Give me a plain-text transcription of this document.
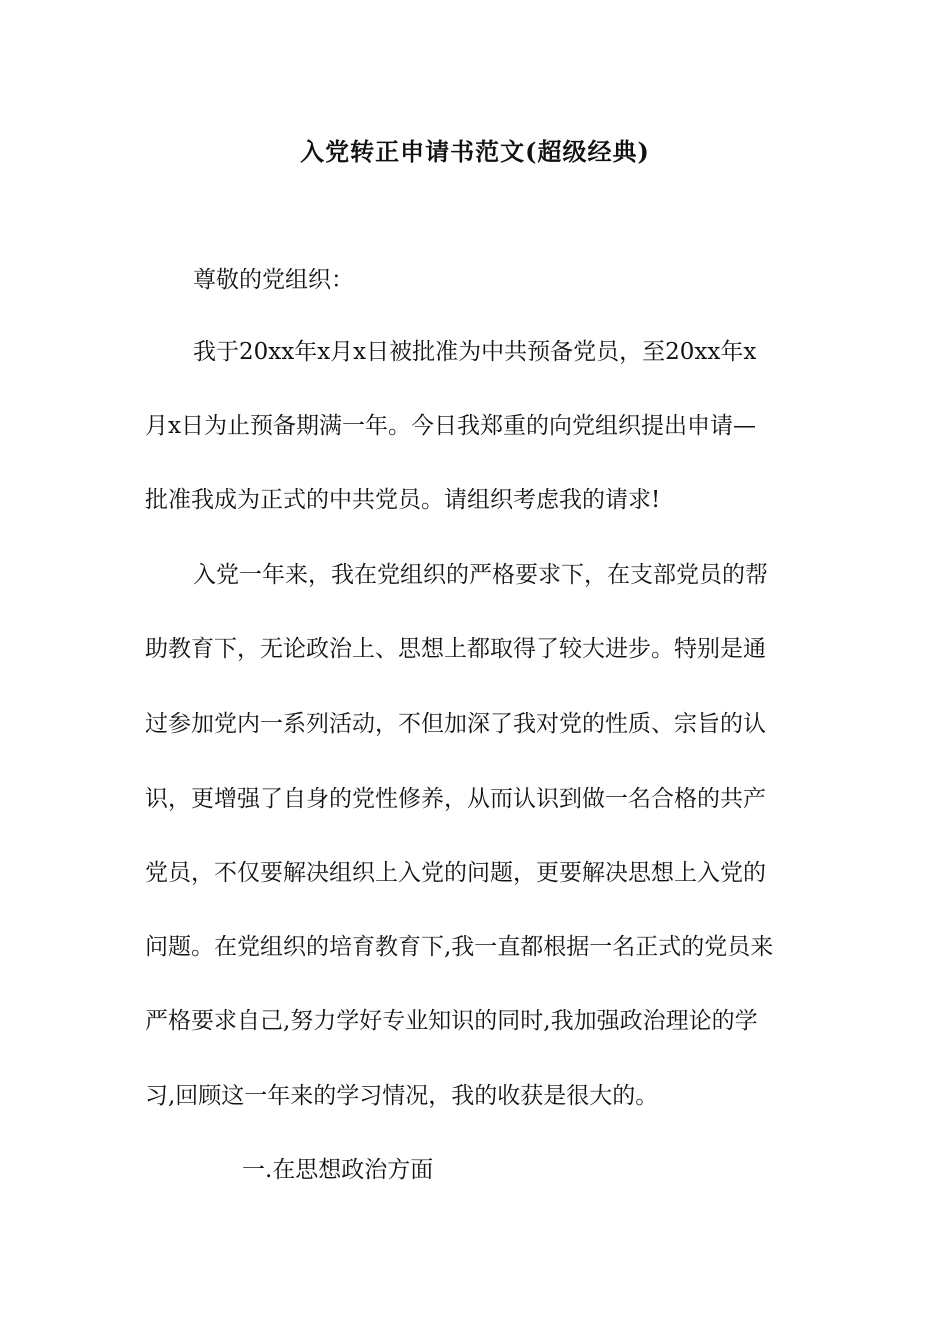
入党转正申请书范文(超级经典)
尊敬的党组织：
我于20xx年x月x日被批准为中共预备党员，至20xx年x
月x日为止预备期满一年。今日我郑重的向党组织提出申请—
批准我成为正式的中共党员。请组织考虑我的请求!
入党一年来，我在党组织的严格要求下，在支部党员的帮
助教育下，无论政治上、思想上都取得了较大进步。特别是通
过参加党内一系列活动，不但加深了我对党的性质、宗旨的认
识，更增强了自身的党性修养，从而认识到做一名合格的共产
党员，不仅要解决组织上入党的问题，更要解决思想上入党的
问题。在党组织的培育教育下,我一直都根据一名正式的党员来
严格要求自己,努力学好专业知识的同时,我加强政治理论的学
习,回顾这一年来的学习情况，我的收获是很大的。
一.在思想政治方面
